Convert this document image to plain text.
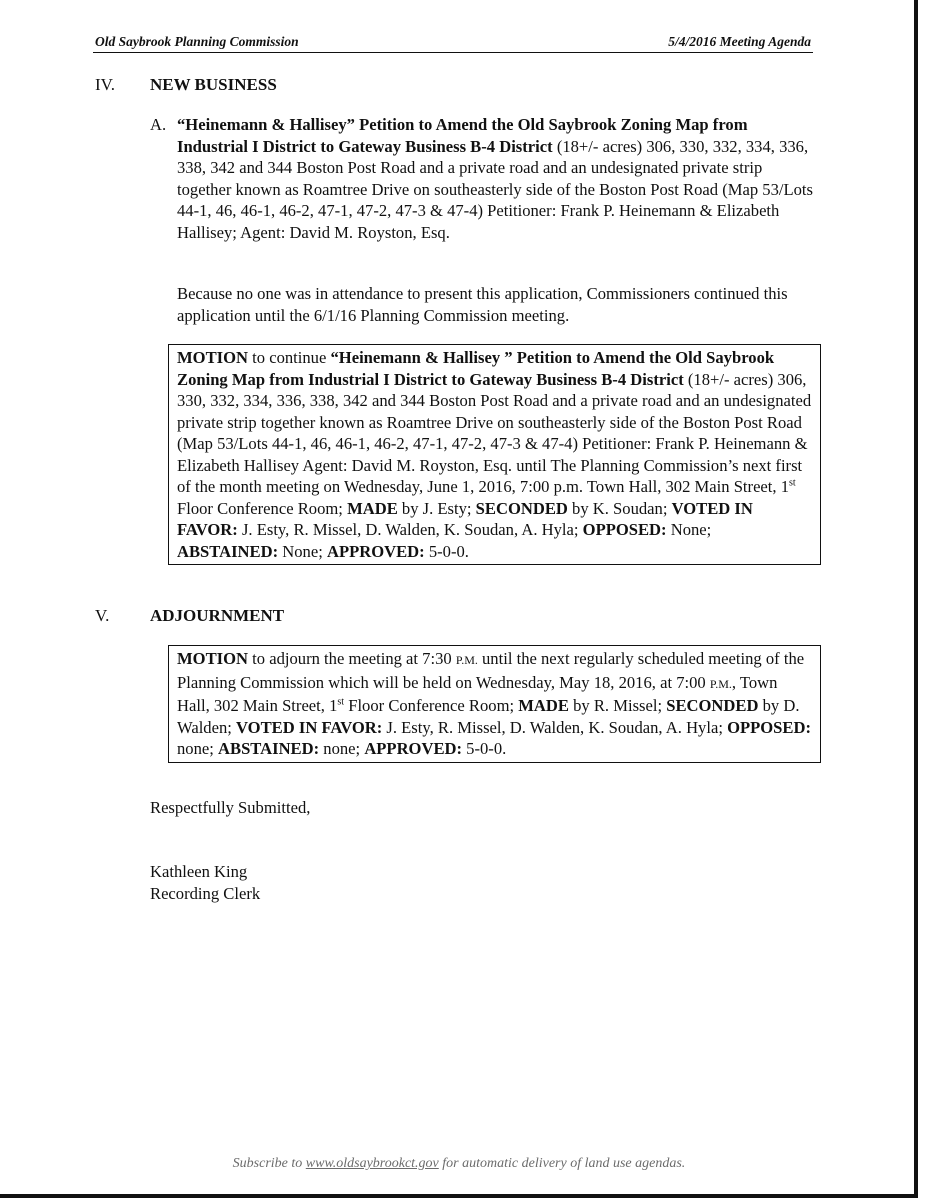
Old Saybrook Planning Commission	5/4/2016 Meeting Agenda
IV. NEW BUSINESS
A. “Heinemann & Hallisey” Petition to Amend the Old Saybrook Zoning Map from Industrial I District to Gateway Business B-4 District (18+/- acres) 306, 330, 332, 334, 336, 338, 342 and 344 Boston Post Road and a private road and an undesignated private strip together known as Roamtree Drive on southeasterly side of the Boston Post Road (Map 53/Lots 44-1, 46, 46-1, 46-2, 47-1, 47-2, 47-3 & 47-4) Petitioner: Frank P. Heinemann & Elizabeth Hallisey; Agent: David M. Royston, Esq.

Because no one was in attendance to present this application, Commissioners continued this application until the 6/1/16 Planning Commission meeting.

MOTION to continue “Heinemann & Hallisey ” Petition to Amend the Old Saybrook Zoning Map from Industrial I District to Gateway Business B-4 District (18+/- acres) 306, 330, 332, 334, 336, 338, 342 and 344 Boston Post Road and a private road and an undesignated private strip together known as Roamtree Drive on southeasterly side of the Boston Post Road (Map 53/Lots 44-1, 46, 46-1, 46-2, 47-1, 47-2, 47-3 & 47-4) Petitioner: Frank P. Heinemann & Elizabeth Hallisey Agent: David M. Royston, Esq. until The Planning Commission’s next first of the month meeting on Wednesday, June 1, 2016, 7:00 p.m. Town Hall, 302 Main Street, 1st Floor Conference Room; MADE by J. Esty; SECONDED by K. Soudan; VOTED IN FAVOR: J. Esty, R. Missel, D. Walden, K. Soudan, A. Hyla; OPPOSED: None; ABSTAINED: None; APPROVED: 5-0-0.

V. ADJOURNMENT

MOTION to adjourn the meeting at 7:30 P.M. until the next regularly scheduled meeting of the Planning Commission which will be held on Wednesday, May 18, 2016, at 7:00 P.M., Town Hall, 302 Main Street, 1st Floor Conference Room; MADE by R. Missel; SECONDED by D. Walden; VOTED IN FAVOR: J. Esty, R. Missel, D. Walden, K. Soudan, A. Hyla; OPPOSED: none; ABSTAINED: none; APPROVED: 5-0-0.

Respectfully Submitted,
Kathleen King
Recording Clerk
Subscribe to www.oldsaybrookct.gov for automatic delivery of land use agendas.
